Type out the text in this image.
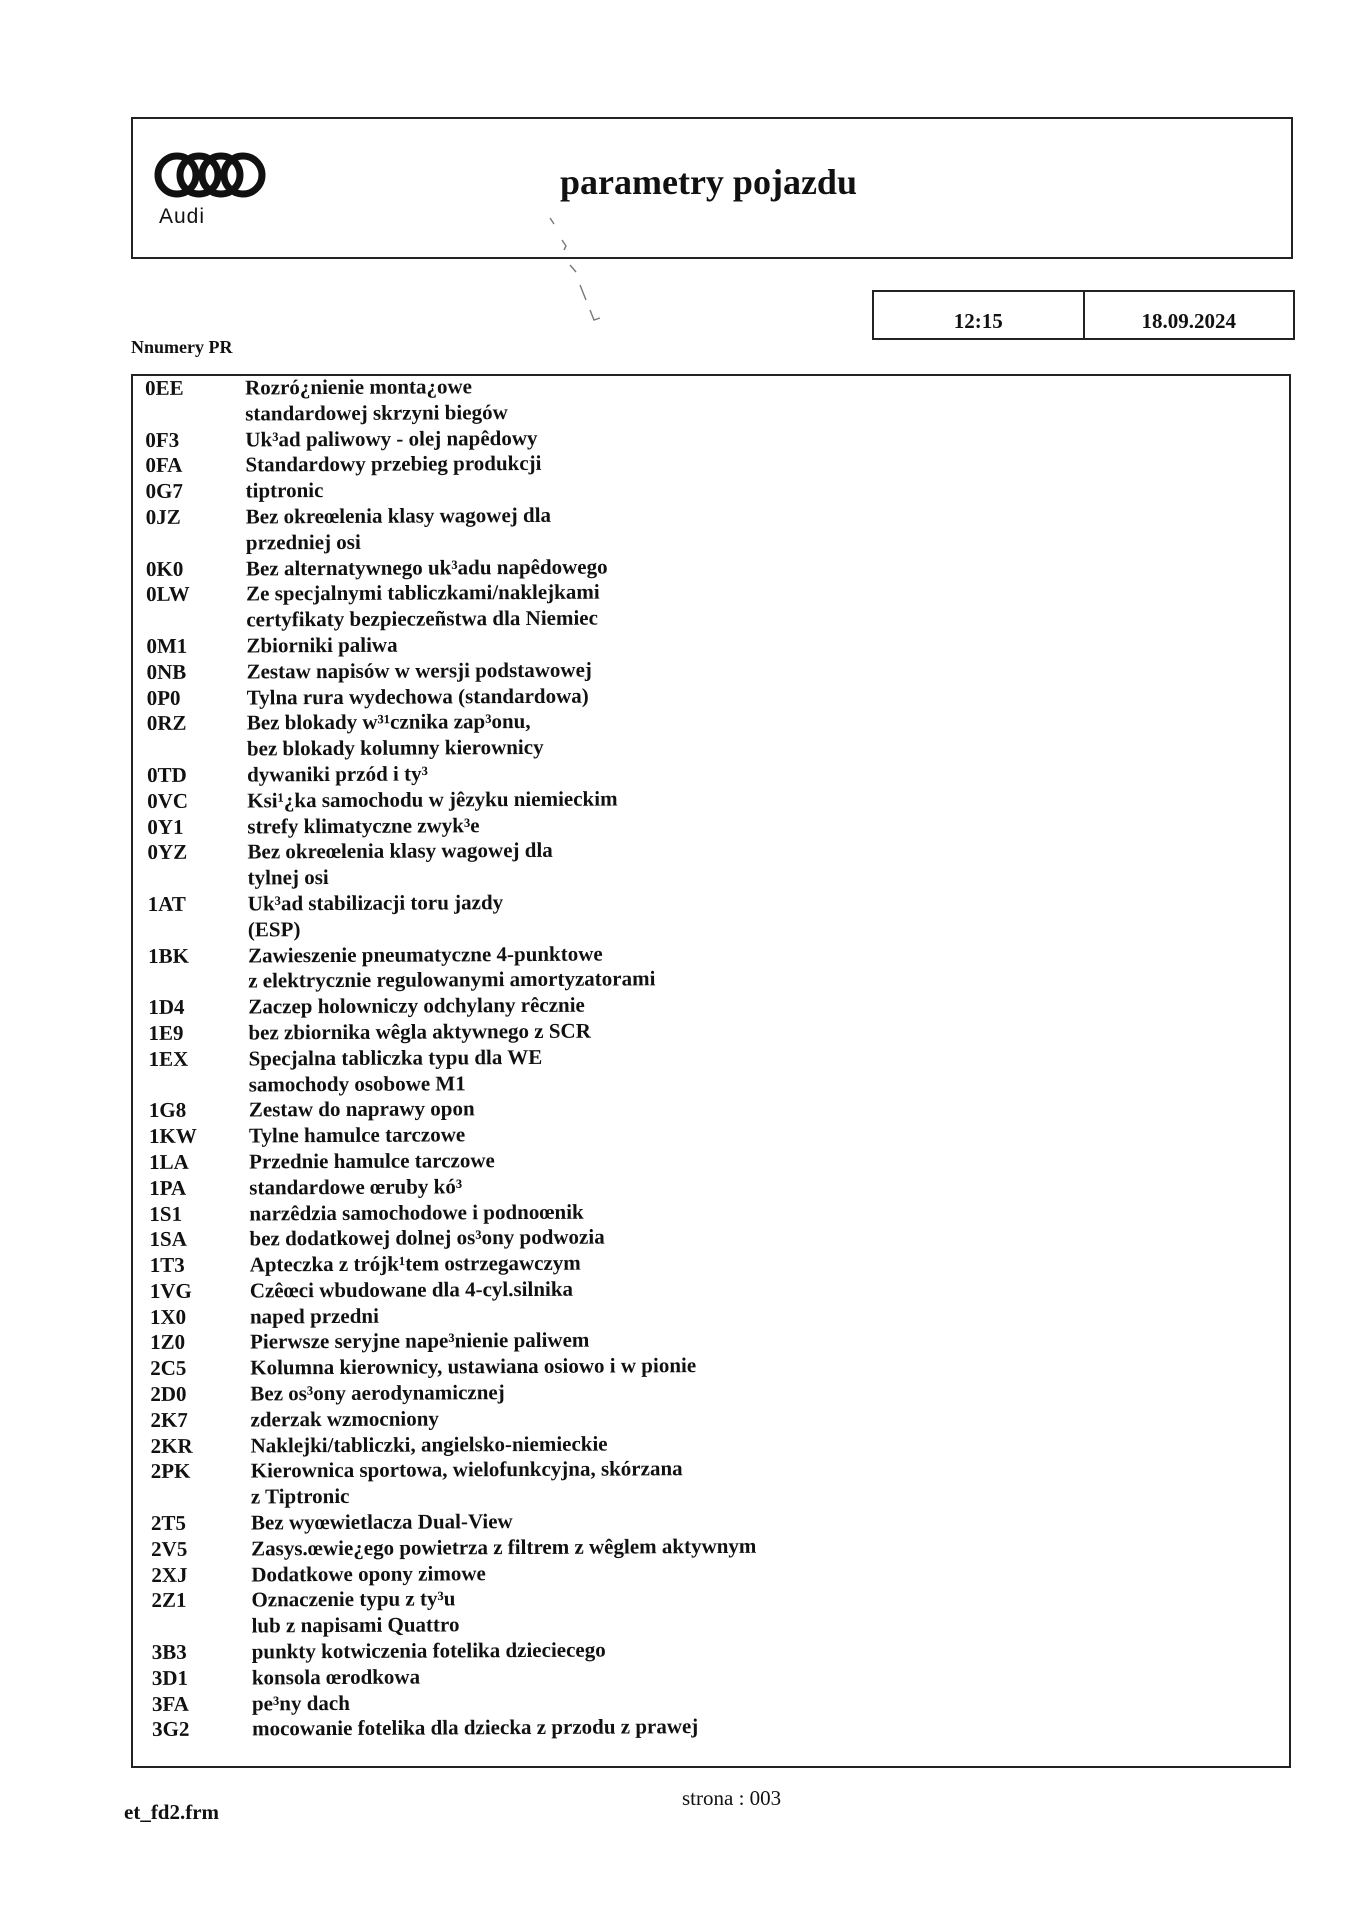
Audi
parametry pojazdu
12:15	18.09.2024
Nnumery PR
0EE	Rozró¿nienie monta¿owe
standardowej skrzyni biegów
0F3	Uk³ad paliwowy - olej napêdowy
0FA	Standardowy przebieg produkcji
0G7	tiptronic
0JZ	Bez okreœlenia klasy wagowej dla
przedniej osi
0K0	Bez alternatywnego uk³adu napêdowego
0LW	Ze specjalnymi tabliczkami/naklejkami
certyfikaty bezpieczeñstwa dla Niemiec
0M1	Zbiorniki paliwa
0NB	Zestaw napisów w wersji podstawowej
0P0	Tylna rura wydechowa (standardowa)
0RZ	Bez blokady w³¹cznika zap³onu,
bez blokady kolumny kierownicy
0TD	dywaniki przód i ty³
0VC	Ksi¹¿ka samochodu w jêzyku niemieckim
0Y1	strefy klimatyczne zwyk³e
0YZ	Bez okreœlenia klasy wagowej dla
tylnej osi
1AT	Uk³ad stabilizacji toru jazdy
(ESP)
1BK	Zawieszenie pneumatyczne 4-punktowe
z elektrycznie regulowanymi amortyzatorami
1D4	Zaczep holowniczy odchylany rêcznie
1E9	bez zbiornika wêgla aktywnego z SCR
1EX	Specjalna tabliczka typu dla WE
samochody osobowe M1
1G8	Zestaw do naprawy opon
1KW	Tylne hamulce tarczowe
1LA	Przednie hamulce tarczowe
1PA	standardowe œruby kó³
1S1	narzêdzia samochodowe i podnoœnik
1SA	bez dodatkowej dolnej os³ony podwozia
1T3	Apteczka z trójk¹tem ostrzegawczym
1VG	Czêœci wbudowane dla 4-cyl.silnika
1X0	naped przedni
1Z0	Pierwsze seryjne nape³nienie paliwem
2C5	Kolumna kierownicy, ustawiana osiowo i w pionie
2D0	Bez os³ony aerodynamicznej
2K7	zderzak wzmocniony
2KR	Naklejki/tabliczki, angielsko-niemieckie
2PK	Kierownica sportowa, wielofunkcyjna, skórzana
z Tiptronic
2T5	Bez wyœwietlacza Dual-View
2V5	Zasys.œwie¿ego powietrza z filtrem z wêglem aktywnym
2XJ	Dodatkowe opony zimowe
2Z1	Oznaczenie typu z ty³u
lub z napisami Quattro
3B3	punkty kotwiczenia fotelika dzieciecego
3D1	konsola œrodkowa
3FA	pe³ny dach
3G2	mocowanie fotelika dla dziecka z przodu z prawej
et_fd2.frm
strona : 003
